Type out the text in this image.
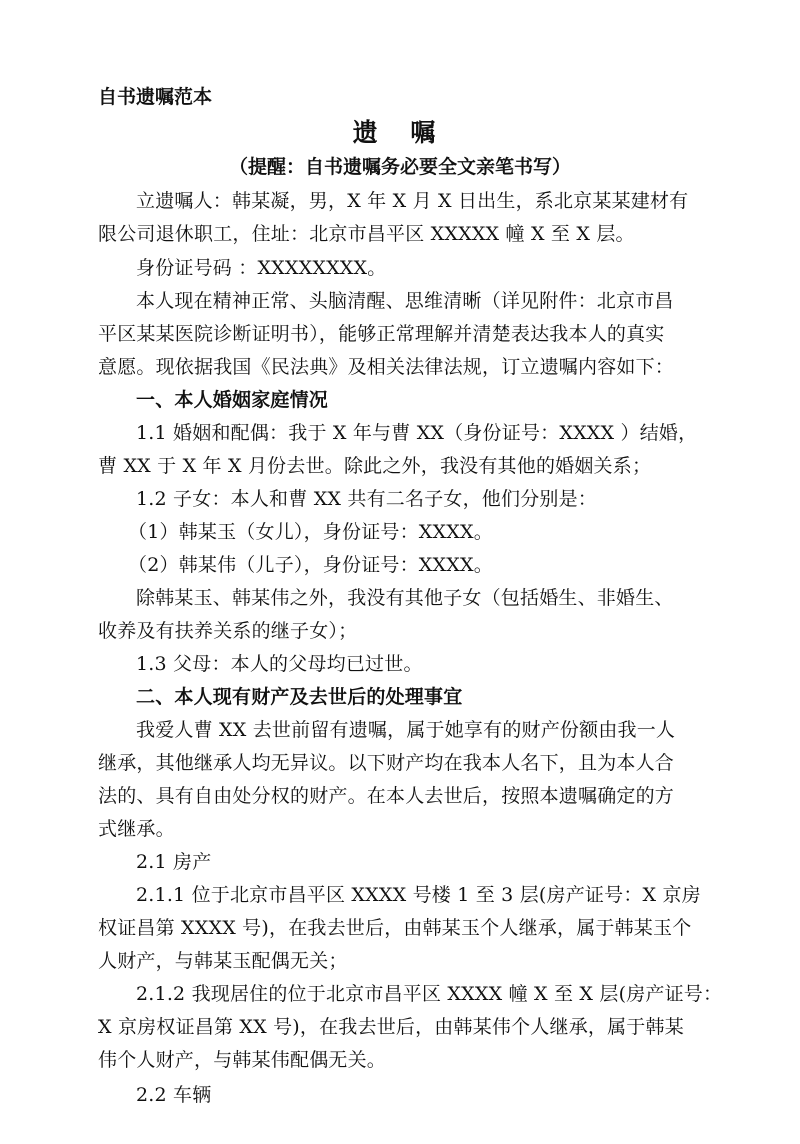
自书遗嘱范本
遗 嘱
（提醒：自书遗嘱务必要全文亲笔书写）
立遗嘱人：韩某凝，男，X 年 X 月 X 日出生，系北京某某建材有
限公司退休职工，住址：北京市昌平区 XXXXX 幢 X 至 X 层。
身份证号码 ：XXXXXXXX。
本人现在精神正常、头脑清醒、思维清晰（详见附件：北京市昌
平区某某医院诊断证明书），能够正常理解并清楚表达我本人的真实
意愿。现依据我国《民法典》及相关法律法规，订立遗嘱内容如下：
一、本人婚姻家庭情况
1.1 婚姻和配偶：我于 X 年与曹 XX（身份证号：XXXX ）结婚，
曹 XX 于 X 年 X 月份去世。除此之外，我没有其他的婚姻关系；
1.2 子女：本人和曹 XX 共有二名子女，他们分别是：
（1）韩某玉（女儿），身份证号：XXXX。
（2）韩某伟（儿子），身份证号：XXXX。
除韩某玉、韩某伟之外，我没有其他子女（包括婚生、非婚生、
收养及有扶养关系的继子女）；
1.3 父母：本人的父母均已过世。
二、本人现有财产及去世后的处理事宜
我爱人曹 XX 去世前留有遗嘱，属于她享有的财产份额由我一人
继承，其他继承人均无异议。以下财产均在我本人名下，且为本人合
法的、具有自由处分权的财产。在本人去世后，按照本遗嘱确定的方
式继承。
2.1 房产
2.1.1 位于北京市昌平区 XXXX 号楼 1 至 3 层(房产证号：X 京房
权证昌第 XXXX 号)，在我去世后，由韩某玉个人继承，属于韩某玉个
人财产，与韩某玉配偶无关；
2.1.2 我现居住的位于北京市昌平区 XXXX 幢 X 至 X 层(房产证号：
X 京房权证昌第 XX 号)，在我去世后，由韩某伟个人继承，属于韩某
伟个人财产，与韩某伟配偶无关。
2.2 车辆
